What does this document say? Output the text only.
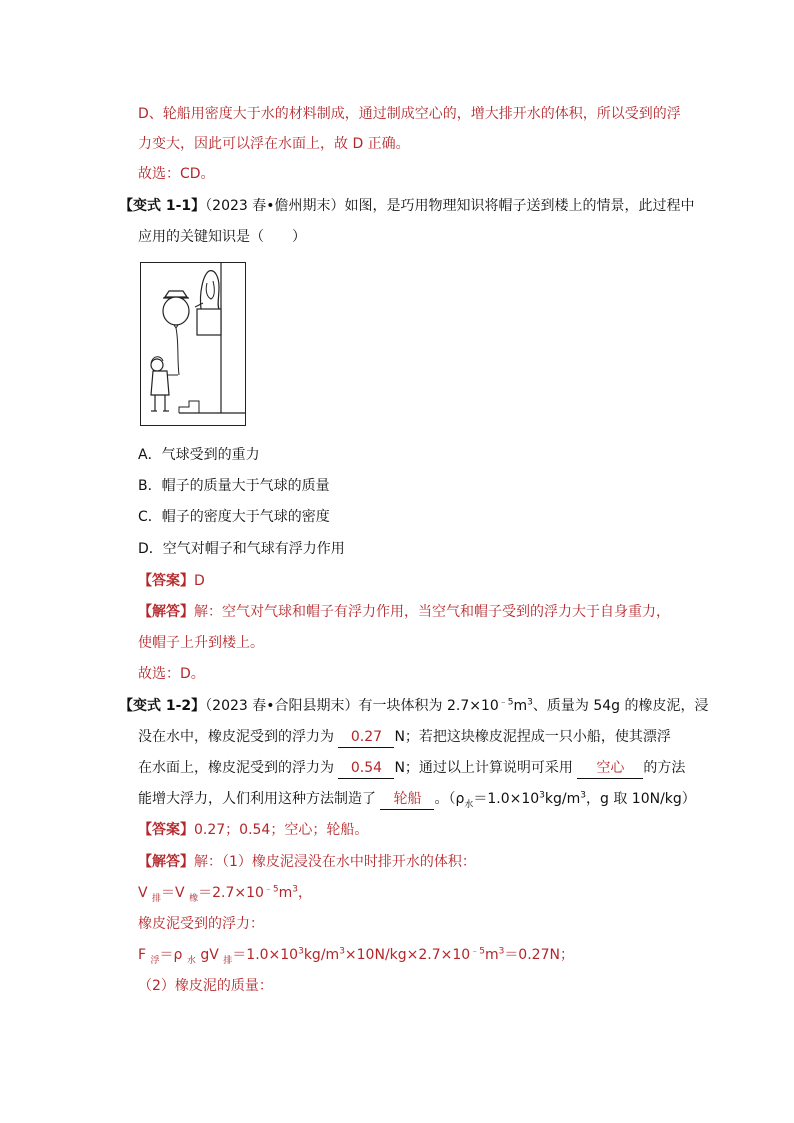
D、轮船用密度大于水的材料制成，通过制成空心的，增大排开水的体积，所以受到的浮
力变大，因此可以浮在水面上，故 D 正确。
故选：CD。
【变式 1-1】（2023 春•儋州期末）如图，是巧用物理知识将帽子送到楼上的情景，此过程中
应用的关键知识是（　　）
A．气球受到的重力
B．帽子的质量大于气球的质量
C．帽子的密度大于气球的密度
D．空气对帽子和气球有浮力作用
【答案】D
【解答】解：空气对气球和帽子有浮力作用，当空气和帽子受到的浮力大于自身重力，
使帽子上升到楼上。
故选：D。
【变式 1-2】（2023 春•合阳县期末）有一块体积为 $2.7\times 10^{﹣5}m^3$、质量为 54g 的橡皮泥，浸
没在水中，橡皮泥受到的浮力为 0.27 N；若把这块橡皮泥捏成一只小船，使其漂浮
在水面上，橡皮泥受到的浮力为 0.54 N；通过以上计算说明可采用 空心 的方法
能增大浮力，人们利用这种方法制造了 轮船 。（$\rho_水=1.0\times 10^3kg/m^3$，g 取 10N/kg）
【答案】0.27；0.54；空心；轮船。
【解答】解：（1）橡皮泥浸没在水中时排开水的体积：
V $_排$＝V $_橡=2.7\times 10^{﹣5}m^3$，
橡皮泥受到的浮力：
F $_浮$＝ρ $_水$ gV $_排=1.0\times 10^3kg/m^3\times 10N/kg\times 2.7\times 10^{﹣5}m^3=0.27N$；
（2）橡皮泥的质量：
